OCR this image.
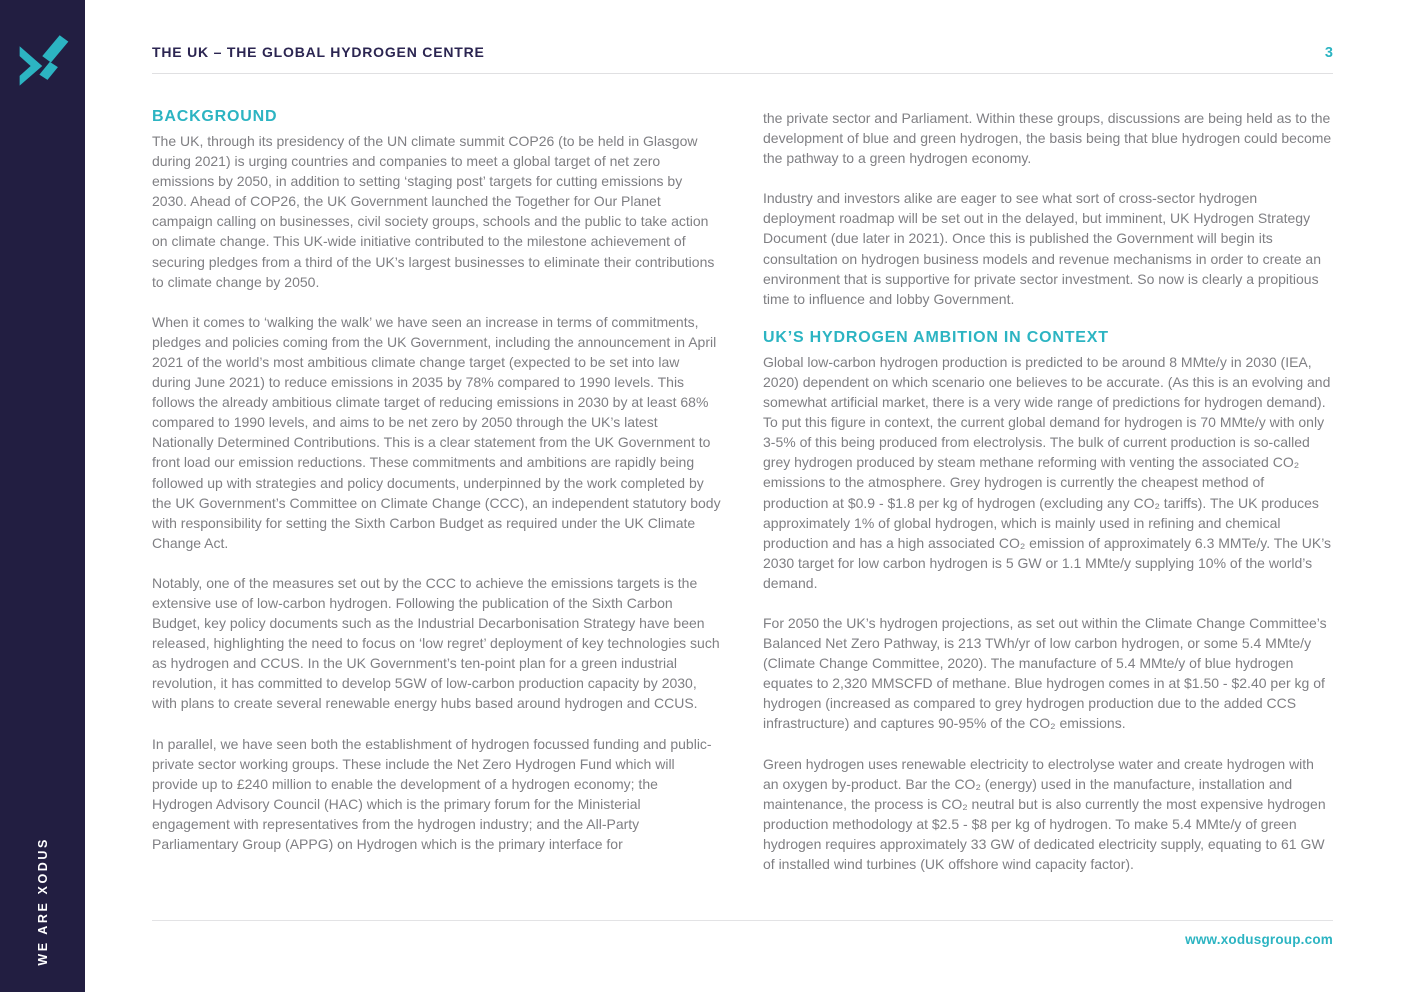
WE ARE XODUS
THE UK – THE GLOBAL HYDROGEN CENTRE	3
BACKGROUND

The UK, through its presidency of the UN climate summit COP26 (to be held in Glasgow during 2021) is urging countries and companies to meet a global target of net zero emissions by 2050, in addition to setting ‘staging post’ targets for cutting emissions by 2030. Ahead of COP26, the UK Government launched the Together for Our Planet campaign calling on businesses, civil society groups, schools and the public to take action on climate change. This UK-wide initiative contributed to the milestone achievement of securing pledges from a third of the UK’s largest businesses to eliminate their contributions to climate change by 2050.

When it comes to ‘walking the walk’ we have seen an increase in terms of commitments, pledges and policies coming from the UK Government, including the announcement in April 2021 of the world’s most ambitious climate change target (expected to be set into law during June 2021) to reduce emissions in 2035 by 78% compared to 1990 levels. This follows the already ambitious climate target of reducing emissions in 2030 by at least 68% compared to 1990 levels, and aims to be net zero by 2050 through the UK’s latest Nationally Determined Contributions. This is a clear statement from the UK Government to front load our emission reductions. These commitments and ambitions are rapidly being followed up with strategies and policy documents, underpinned by the work completed by the UK Government’s Committee on Climate Change (CCC), an independent statutory body with responsibility for setting the Sixth Carbon Budget as required under the UK Climate Change Act.

Notably, one of the measures set out by the CCC to achieve the emissions targets is the extensive use of low-carbon hydrogen. Following the publication of the Sixth Carbon Budget, key policy documents such as the Industrial Decarbonisation Strategy have been released, highlighting the need to focus on ‘low regret’ deployment of key technologies such as hydrogen and CCUS. In the UK Government’s ten-point plan for a green industrial revolution, it has committed to develop 5GW of low-carbon production capacity by 2030, with plans to create several renewable energy hubs based around hydrogen and CCUS.

In parallel, we have seen both the establishment of hydrogen focussed funding and public-private sector working groups. These include the Net Zero Hydrogen Fund which will provide up to £240 million to enable the development of a hydrogen economy; the Hydrogen Advisory Council (HAC) which is the primary forum for the Ministerial engagement with representatives from the hydrogen industry; and the All-Party Parliamentary Group (APPG) on Hydrogen which is the primary interface for

the private sector and Parliament. Within these groups, discussions are being held as to the development of blue and green hydrogen, the basis being that blue hydrogen could become the pathway to a green hydrogen economy.

Industry and investors alike are eager to see what sort of cross-sector hydrogen deployment roadmap will be set out in the delayed, but imminent, UK Hydrogen Strategy Document (due later in 2021). Once this is published the Government will begin its consultation on hydrogen business models and revenue mechanisms in order to create an environment that is supportive for private sector investment. So now is clearly a propitious time to influence and lobby Government.

UK’S HYDROGEN AMBITION IN CONTEXT

Global low-carbon hydrogen production is predicted to be around 8 MMte/y in 2030 (IEA, 2020) dependent on which scenario one believes to be accurate. (As this is an evolving and somewhat artificial market, there is a very wide range of predictions for hydrogen demand). To put this figure in context, the current global demand for hydrogen is 70 MMte/y with only 3-5% of this being produced from electrolysis. The bulk of current production is so-called grey hydrogen produced by steam methane reforming with venting the associated CO₂ emissions to the atmosphere. Grey hydrogen is currently the cheapest method of production at $0.9 - $1.8 per kg of hydrogen (excluding any CO₂ tariffs). The UK produces approximately 1% of global hydrogen, which is mainly used in refining and chemical production and has a high associated CO₂ emission of approximately 6.3 MMTe/y. The UK’s 2030 target for low carbon hydrogen is 5 GW or 1.1 MMte/y supplying 10% of the world’s demand.

For 2050 the UK’s hydrogen projections, as set out within the Climate Change Committee’s Balanced Net Zero Pathway, is 213 TWh/yr of low carbon hydrogen, or some 5.4 MMte/y (Climate Change Committee, 2020). The manufacture of 5.4 MMte/y of blue hydrogen equates to 2,320 MMSCFD of methane. Blue hydrogen comes in at $1.50 - $2.40 per kg of hydrogen (increased as compared to grey hydrogen production due to the added CCS infrastructure) and captures 90-95% of the CO₂ emissions.

Green hydrogen uses renewable electricity to electrolyse water and create hydrogen with an oxygen by-product. Bar the CO₂ (energy) used in the manufacture, installation and maintenance, the process is CO₂ neutral but is also currently the most expensive hydrogen production methodology at $2.5 - $8 per kg of hydrogen. To make 5.4 MMte/y of green hydrogen requires approximately 33 GW of dedicated electricity supply, equating to 61 GW of installed wind turbines (UK offshore wind capacity factor).

www.xodusgroup.com
